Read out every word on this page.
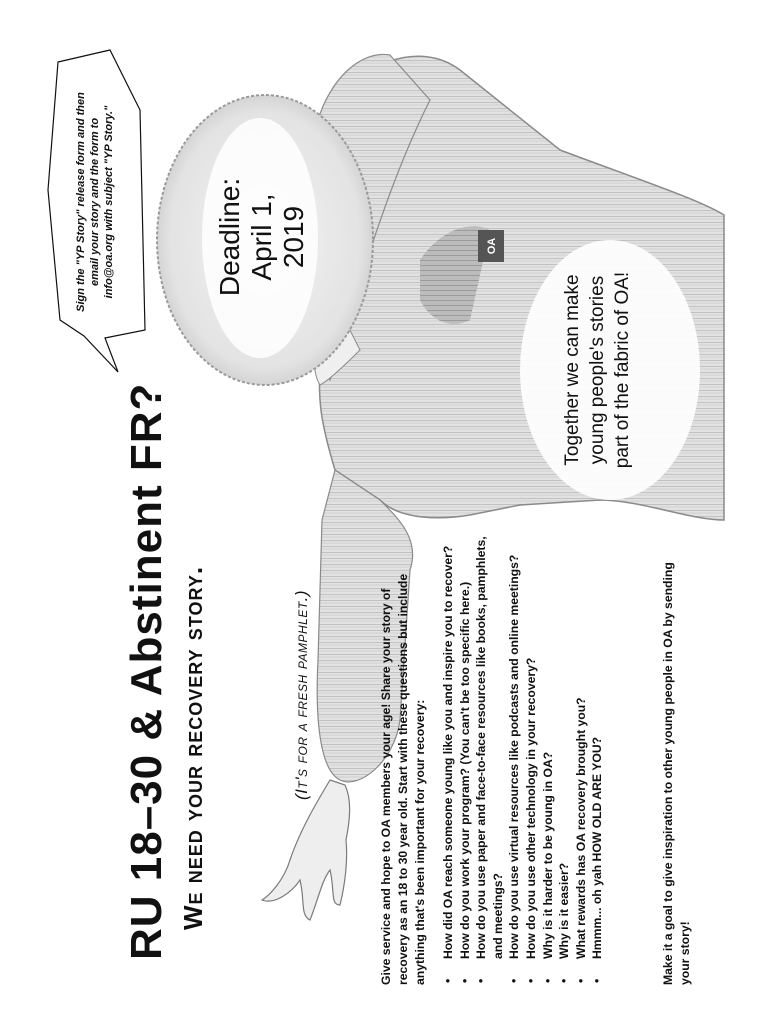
OA
RU 18–30 & Abstinent FR? We need your recovery story.	(It's for a fresh pamphlet.)	Give service and hope to OA members your age! Share your story of recovery as an 18 to 30 year old. Start with these questions but include anything that's been important for your recovery: • How did OA reach someone young like you and inspire you to recover? • How do you work your program? (You can't be too specific here.) • How do you use paper and face-to-face resources like books, pamphlets, and meetings? • How do you use virtual resources like podcasts and online meetings? • How do you use other technology in your recovery? • Why is it harder to be young in OA? • Why is it easier? • What rewards has OA recovery brought you? • Hmmm... oh yah HOW OLD ARE YOU?	Make it a goal to give inspiration to other young people in OA by sending your story!
Deadline: April 1, 2019
Together we can make young people's stories part of the fabric of OA!
Sign the "YP Story" release form and then email your story and the form to info@oa.org with subject "YP Story."
